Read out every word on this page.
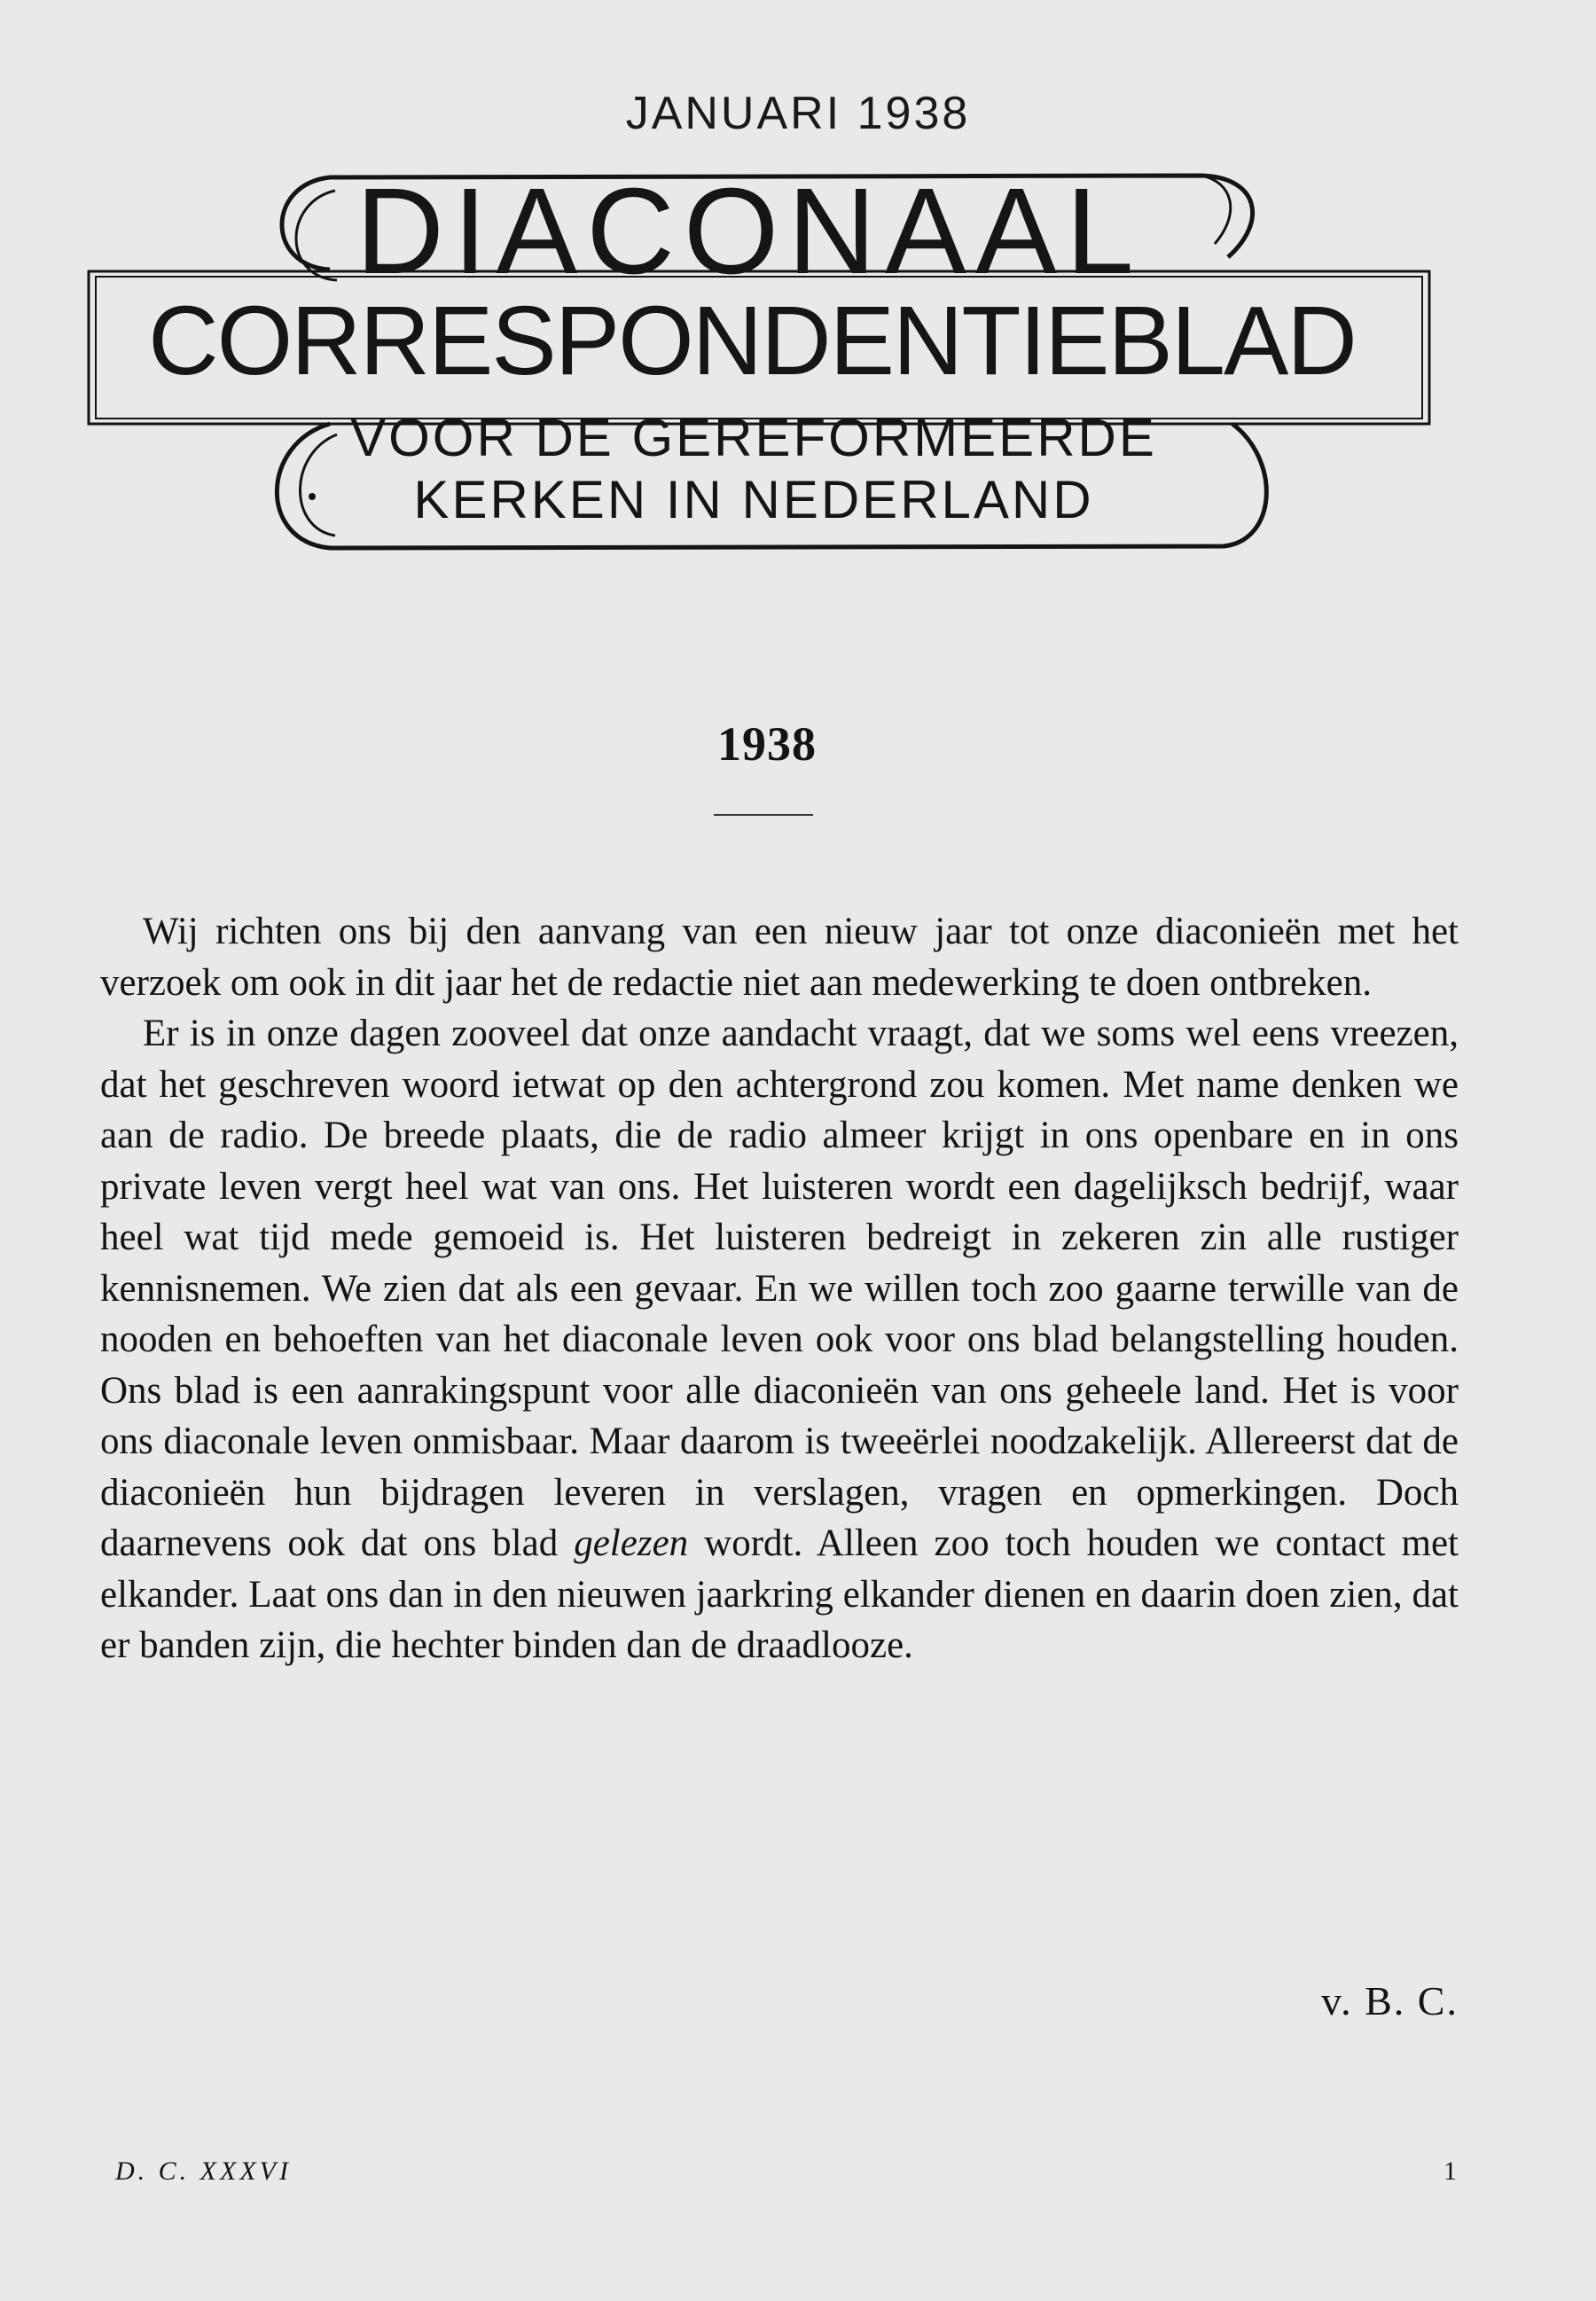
JANUARI 1938
DIACONAAL
CORRESPONDENTIEBLAD
VOOR DE GEREFORMEERDE
KERKEN IN NEDERLAND
1938

Wij richten ons bij den aanvang van een nieuw jaar tot onze diaconieën met het verzoek om ook in dit jaar het de redactie niet aan medewerking te doen ontbreken.

Er is in onze dagen zooveel dat onze aandacht vraagt, dat we soms wel eens vreezen, dat het geschreven woord ietwat op den achtergrond zou komen. Met name denken we aan de radio. De breede plaats, die de radio almeer krijgt in ons openbare en in ons private leven vergt heel wat van ons. Het luisteren wordt een dagelijksch bedrijf, waar heel wat tijd mede gemoeid is. Het luisteren bedreigt in zekeren zin alle rustiger kennisnemen. We zien dat als een gevaar. En we willen toch zoo gaarne terwille van de nooden en behoeften van het diaconale leven ook voor ons blad belangstelling houden. Ons blad is een aanrakingspunt voor alle diaconieën van ons geheele land. Het is voor ons diaconale leven onmisbaar. Maar daarom is tweeërlei noodzakelijk. Allereerst dat de diaconieën hun bijdragen leveren in verslagen, vragen en opmerkingen. Doch daarnevens ook dat ons blad gelezen wordt. Alleen zoo toch houden we contact met elkander. Laat ons dan in den nieuwen jaarkring elkander dienen en daarin doen zien, dat er banden zijn, die hechter binden dan de draadlooze.

v. B. C.
D. C. XXXVI	1
